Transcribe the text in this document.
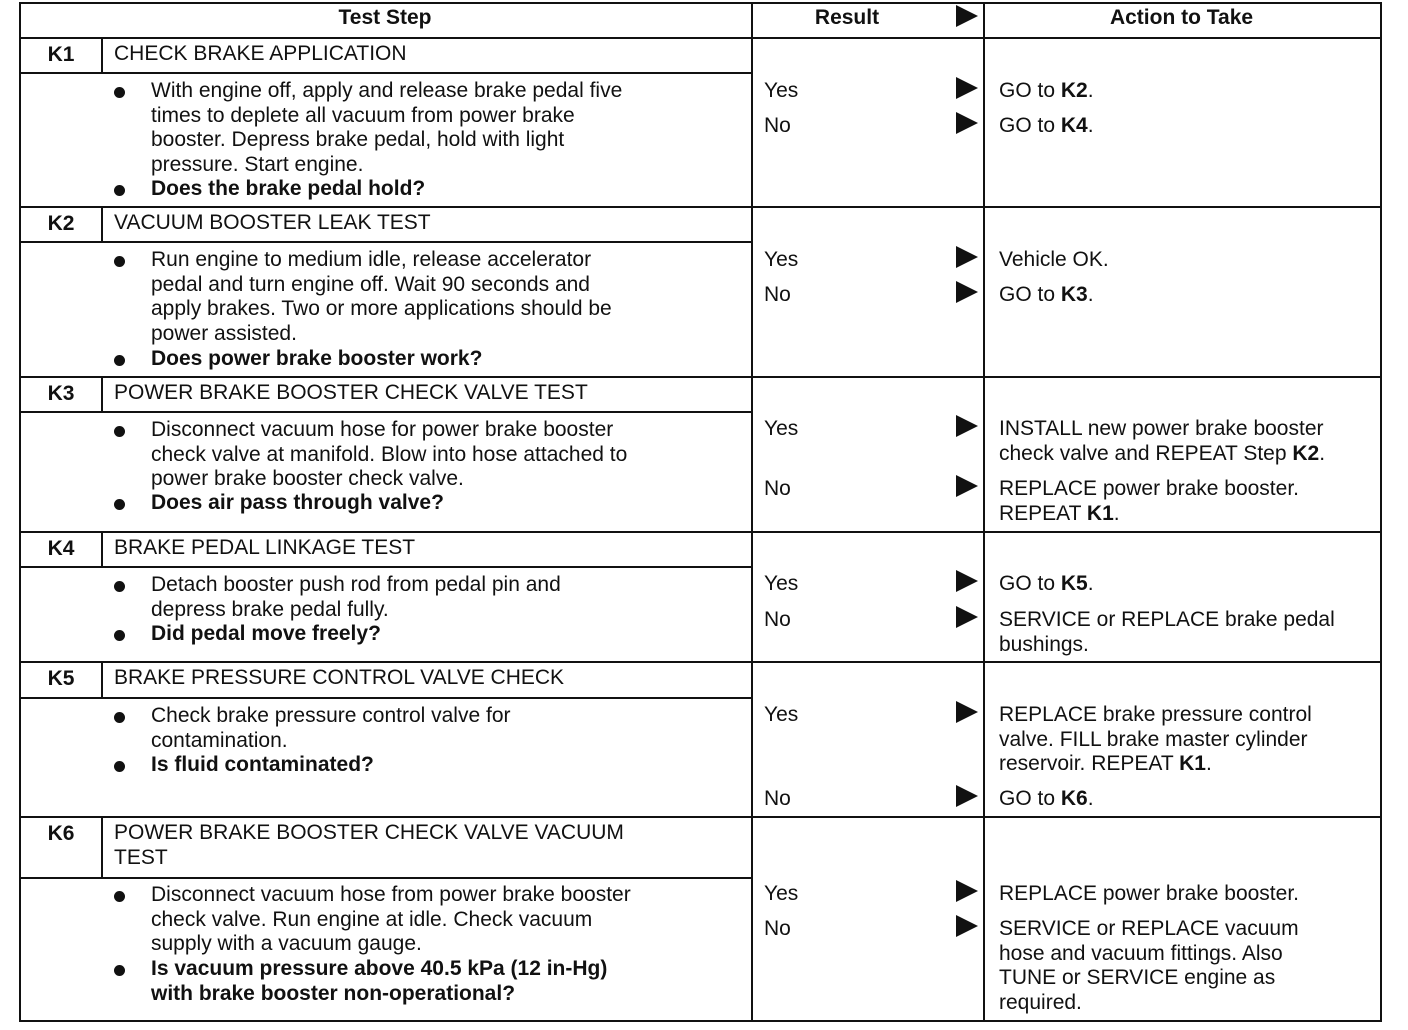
Test Step	Result	Action to Take
K1	CHECK BRAKE APPLICATION
With engine off, apply and release brake pedal five
times to deplete all vacuum from power brake
booster. Depress brake pedal, hold with light
pressure. Start engine.
Does the brake pedal hold?
Yes	GO to K2.
No	GO to K4.
K2	VACUUM BOOSTER LEAK TEST
Run engine to medium idle, release accelerator
pedal and turn engine off. Wait 90 seconds and
apply brakes. Two or more applications should be
power assisted.
Does power brake booster work?
Yes	Vehicle OK.
No	GO to K3.
K3	POWER BRAKE BOOSTER CHECK VALVE TEST
Disconnect vacuum hose for power brake booster
check valve at manifold. Blow into hose attached to
power brake booster check valve.
Does air pass through valve?
Yes	INSTALL new power brake booster
check valve and REPEAT Step K2.
No	REPLACE power brake booster.
REPEAT K1.
K4	BRAKE PEDAL LINKAGE TEST
Detach booster push rod from pedal pin and
depress brake pedal fully.
Did pedal move freely?
Yes	GO to K5.
No	SERVICE or REPLACE brake pedal
bushings.
K5	BRAKE PRESSURE CONTROL VALVE CHECK
Check brake pressure control valve for
contamination.
Is fluid contaminated?
Yes	REPLACE brake pressure control
valve. FILL brake master cylinder
reservoir. REPEAT K1.
No	GO to K6.
K6	POWER BRAKE BOOSTER CHECK VALVE VACUUM
TEST
Disconnect vacuum hose from power brake booster
check valve. Run engine at idle. Check vacuum
supply with a vacuum gauge.
Is vacuum pressure above 40.5 kPa (12 in-Hg)
with brake booster non-operational?
Yes	REPLACE power brake booster.
No	SERVICE or REPLACE vacuum
hose and vacuum fittings. Also
TUNE or SERVICE engine as
required.
